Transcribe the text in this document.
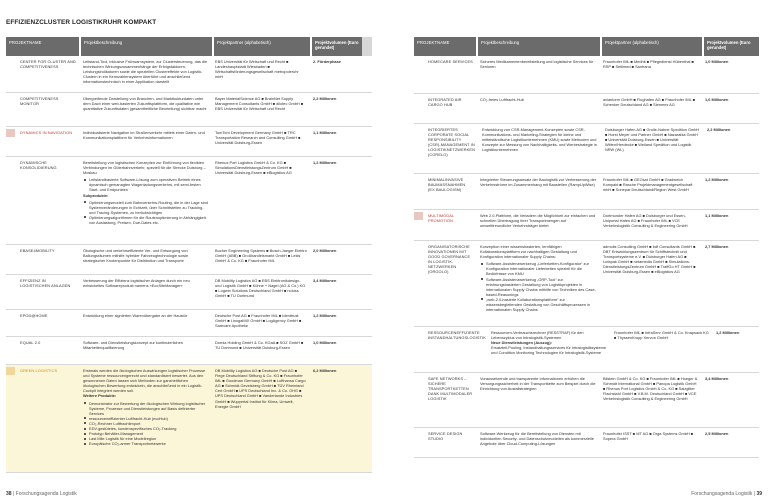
EFFIZIENZCLUSTER LOGISTIKRUHR KOMPAKT
PROJEKTNAME	Projektbeschreibung	Projektpartner (alphabetisch)	Projektvolumen (Euro gerundet)
CENTER FOR CLUSTER AND COMPETITIVENESS
Leitstand-Tool, inklusive Frühwarnsystem, zur Clustersteuerung, das die technischen Wirkungszusammenhänge der Erfolgsfaktoren, Leistungsindikatoren sowie die speziellen Clustereffekte von Logistik-Clustern in ein Kennzahlensystem überführt und anschließend informationstechnisch in einer Applikation darstellt
EBS Universität für Wirtschaft und Recht ■ Landeshauptstadt Wiesbaden ■ Wirtschaftsförderungsgesellschaft metropoleruhr mbH
2. Förderphase
COMPETITIVENESS MONITOR
Übergreifende Darstellung von Branchen- und Marktkukturdaten unter dem Dach einer web-basierten Zukunftsplattform, die qualitative wie quantitative Zukunftsdaten (gesamtheitliche Beurteilung) sichtbar macht
Bayer MaterialScience AG ■ BrainNet Supply Management Consultants GmbH ■ dilotec GmbH ■ EBS Universität für Wirtschaft und Recht
2,2 Millionen
DYNAMICS IN NAVIGATION	Individualisierte Navigation im Straßenverkehr mittels einer Daten- und Kommunikationsplattform für Verkehrsinformationen
TomTom Development Germany GmbH ■ TRC Transportation Research and Consulting GmbH ■ Universität Duisburg-Essen
1,1 Millionen
DYNAMISCHE KONSOLIDIERUNG
Bereitstellung von logistischen Konzepten zur Einführung von flexiblen Verbindungen im Güterbahnverkehr, speziell für die Strecke Duisburg – Moskau
Leitstandbasierte Software-Lösung zum operativen Betrieb eines dynamisch gemanagten Wagenladungsverkehrs, mit semi-festen Start- und Endpunkten
Subprodukte:
Optimierungsmodell zum Bahnverkehrs-Routing, die in der Lage sind Systemveränderungen in Echtzeit, über Schnittstellen zu Tracking- und Tracing-Systemen, zu berücksichtigen
Optimierungsalgorithmen für die Routenoptimierung in Abhängigkeit von Auslastung, Preisen, Due-Dates etc.
Rhenus Port Logistics GmbH & Co. KG ■ SimulationsDienstleistungsZentrum GmbH ■ Universität Duisburg-Essen ■ eBlogistics AG
1,2 Millionen
EBASE4MOBILITY	Ökologische und verkehrseffiziente Ver- und Entsorgung von Ballungsräumen mithilfe hybrider Fahrzeugtechnologie sowie strategischer Knotenpunkte für Distribution und Transporte
Bucher Engineering Systems ■ Busch-Jaeger Elektro GmbH (ABB) ■ Großhandelsmarkt GmbH ■ Lekis GmbH & Co. KG ■ Fraunhofer IML
2,0 Millionen
EFFIZIENZ IN LOGISTISCHEN ANLAGEN
Verbesserung der Effizienz logistischer Anlagen durch ein neu entwickeltes Softwareprodukt namens «EcoSiteManager»
DB Mobility Logistics AG ■ EBS Elektronikdesign- und Logistik GmbH ■ Kühne + Nagel (AG & Co.) KG ■ Logwin Solutions Deutschland GmbH ■ noluss GmbH ■ TU Dortmund
3,4 Millionen
EPOD@HOME	Entwicklung einer signierten Warenübergabe an der Haustür	Deutsche Post AG ■ Fraunhofer IML ■ Identtrust GmbH ■ LinogaMIX GmbH ■ LogAgency GmbH ■ Sarecare Apotheke
1,2 Millionen
EQUAL 2.0	Software- und Dienstleistungskonzept zur kontinuierlichen Mitarbeiterqualifizierung
Dornia Holding GmbH & Co. KGaA ■ SGZ GmbH ■ TU Dortmund ■ Universität Duisburg-Essen
1,0 Millionen
GREEN LOGISTICS	Erstmals werden die ökologischen Auswirkungen logistischer Prozesse und Systeme ressourcengerecht und standardisiert bewertet. Aus den gewonnenen Daten lassen sich Methoden zur ganzheitlichen ökologischen Bewertung entwickeln, die anschließend in ein Logistik-Cockpit integriert werden soll.
Weitere Produkte:
Demonstrator zur Bewertung der ökologischen Wirkung logistischer Systeme, Prozesse und Dienstleistungen auf Basis definierter Services
ressourceneffizienter Luftfracht-Hub (ecoHub)
CO₂-Rechner Luftfrachtimport
EDV-gestütztes, kundenspezifisches CO₂-Tracking
Prototyp Behälter-Management
Last Mile Logistik für eine Modellregion
Europäische CO₂-armer Transportnetzwerke
DB Mobility Logistics AG ■ Deutsche Post AG ■ Fiege Deutschland Stiftung & Co. KG ■ Fraunhofer IML ■ Goodman Germany GmbH ■ Lufthansa Cargo AG ■ Schmidt-Gevelsberg GmbH ■ TÜV Rheinland Cert GmbH ■ UPS Deutschland Inc. & Co. OHG ■ UPS Deutschland GmbH ■ Vanderlande Industries GmbH ■ Wuppertal Institut für Klima, Umwelt, Energie GmbH
6,2 Millionen
PROJEKTNAME	Projektbeschreibung	Projektpartner (alphabetisch)	Projektvolumen (Euro gerundet)
HOMECARE SERVICES	Sicheres Medikamentenbereitstellung und logistische Services für Senioren
Fraunhofer IML ■ Medhit ■ Pflegedienst Hübenthal ■ RSP ■ Setlimed ■ Santrana
1,0 Millionen
INTEGRATED AIR CARGO HUB
CO₂-freies Luftfracht-Hub	aviantorm GmbH ■ Flughafen AG ■ Fraunhofer IML ■ Schenker Deutschland AG ■ Siemens AG
1,6 Millionen
INTEGRIERTES CORPORATE SOCIAL RESPONSIBILITY (CSR)-MANAGEMENT IN LOGISTIKNETZWERKEN (CORELO)
Entwicklung von CSR-Management-Konzepten sowie CSR-Kommunikations- und Marketing-Strategien für kleine und mittelständische Logistikunternehmen (KMU) sowie Methoden und Konzepte zur Messung von Nachhaltigkeits- und Werbestrategie in Logistikunternehmen
Duisburger Hafen AG ■ Grolle-Nahne Spedition GmbH ■ Horst Meyer und Partner GmbH ■ Nazarabia GmbH ■ Universität Duisburg-Essen ■ Universität Witten/Herdecke ■ Weiland Spedition und Logistik NRW (WL)
2,2 Millionen
MINIMALINVASIVE BAUMASSNAHMEN (EX BAULOGISM)
Integrierter Steuerungsansatz der Baulogistik zur Verbesserung der Verkehrsströme im Zusammenhang mit Baustellen (RampUpWise)
Fraunhofer IML ■ GEOsat GmbH ■ Gradweich Kompakt ■ Rasche Projektmanagementgesellschaft mbH ■ Sonepar Deutschland/Region West GmbH
1,2 Millionen
MULTIMODAL PROMOTION
Web 2.0-Plattform, die Verladern die Möglichkeit zur einfachen und schnellen Übertragung ihrer Transportmengen auf umweltfreundliche Verkehrsträger bietet
Dortmunder Hafen AG ■ Duisburger und Essen-Uniportal Hafen AG ■ Fraunhofer IML ■ VCE Verkehrslogistik Consulting & Engineering GmbH
1,1 Millionen
ORGANISATORISCHE INNOVATIONEN MIT GOOD GOVERNANCE IN LOGISTIK-NETZWERKEN (ORGOLO)
Konzeption einer wissensbasierten, lernfähigen Kollaborationsplattform zur nachhaltigen Gestaltung und Konfiguration internationaler Supply Chains:
Software-Assistenzwerkzeug „Lieferketten-Konfigurator“ zur Konfiguration internationaler Lieferketten speziell für die Bedürfnisse von KMU
Software-Assistenzwerkzeug „GRP-Tool“ zur erfahrungsbasierten Gestaltung von Logistikprojekten in internationalen Supply Chains mithilfe von Techniken des Case-based-Reasonings
„web-2.0-basierte Kollaborationsplattform“ zur wissensbegleitenden Gestaltung von Geschäftsprozessen in internationalen Supply Chains
admolis Consulting GmbH ■ bdf Consultants GmbH ■ DBT Entwicklungszentrum für Schiffstechnik und Transportsysteme e.V. ■ Duisburger Hafen AG ■ Lufapak GmbH ■ netamedia GmbH ■ Simulations-DienstleistungsZentrum GmbH ■ TraffGo HT GmbH ■ Universität Duisburg-Essen ■ eBlogistics AG
2,7 Millionen
RESSOURCENEFFIZIENTE INSTANDHALTUNGSLOGISTIK
Ressourcen-Verbrauchsrechner (RESSTRAF) für den Lebenszyklus von Intralogistik-Systemen
Neue Dienstleistungen (Auszug):
Ersatzteil-Pooling, Instandhaltungsservices für Intralogistiksysteme und Condition Monitoring Technologien für Intralogistik-Systeme
Fraunhofer IML ■ InfraServ GmbH & Co. Knapsack KG ■ ThyssenKrupp Xervon GmbH
1,2 Millionen
SAFE NETWORKS – SICHERE TRANSPORTKETTEN DANK MULTIMODALER LOGISTIK
Voraussetzende und transparente Informationen erhöhen die Versorgungssicherheit in der Transportkette zum Beispiel durch die Einrichtung von Ausfallstrategien
Bilstein GmbH & Co. KG ■ Fraunhofer IML ■ Hoeger & Schmidt International GmbH ■ Panopa Logistik GmbH ■ Rhenus Port Logistics GmbH & Co. KG ■ Salzgitter Flachstahl GmbH ■ V.B.M. Deutschland GmbH ■ VCE Verkehrslogistik Consulting & Engineering GmbH
3,4 Millionen
SERVICE DESIGN STUDIO
Software-Werkzeug für die Bereitstellung von Diensten mit individuellen Security- und Datenschutzmodellen als kommerzielle Angebote über Cloud-Computing-Lösungen
Fraunhofer ISST ■ MT AG ■ Orga Systems GmbH ■ Sopera GmbH
2,5 Millionen
38 | Forschungsagenda Logistik	Forschungsagenda Logistik | 39
